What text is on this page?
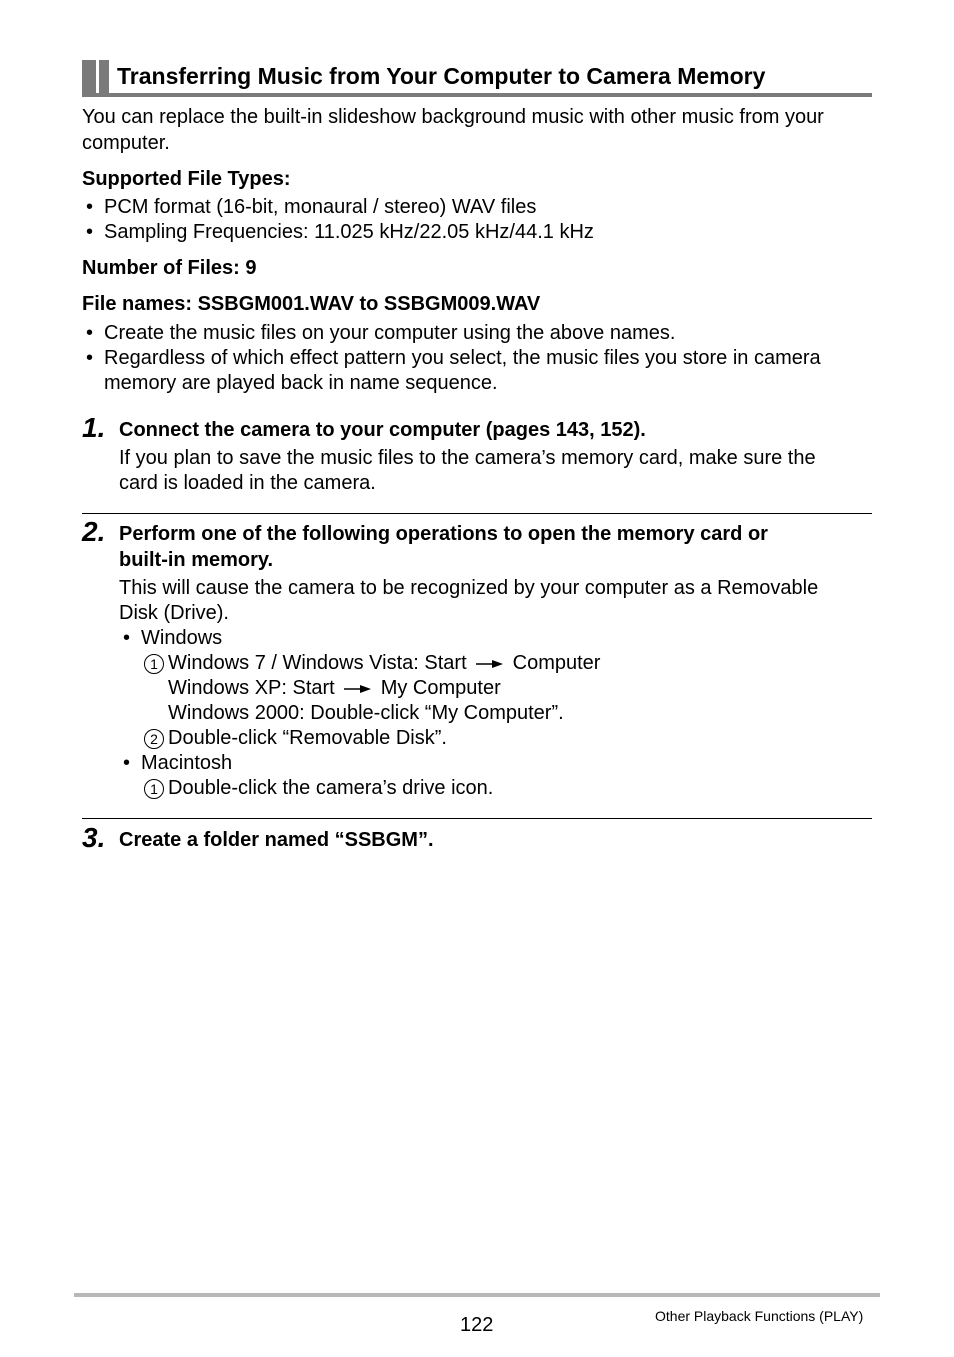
Transferring Music from Your Computer to Camera Memory
You can replace the built-in slideshow background music with other music from your
computer.
Supported File Types:
• PCM format (16-bit, monaural / stereo) WAV files
• Sampling Frequencies: 11.025 kHz/22.05 kHz/44.1 kHz
Number of Files: 9
File names: SSBGM001.WAV to SSBGM009.WAV
• Create the music files on your computer using the above names.
• Regardless of which effect pattern you select, the music files you store in camera
memory are played back in name sequence.
1. Connect the camera to your computer (pages 143, 152).
If you plan to save the music files to the camera’s memory card, make sure the
card is loaded in the camera.
2. Perform one of the following operations to open the memory card or
built-in memory.
This will cause the camera to be recognized by your computer as a Removable
Disk (Drive).
• Windows
1 Windows 7 / Windows Vista: Start Computer
Windows XP: Start My Computer
Windows 2000: Double-click “My Computer”.
2 Double-click “Removable Disk”.
• Macintosh
1 Double-click the camera’s drive icon.
3. Create a folder named “SSBGM”.
122	Other Playback Functions (PLAY)
